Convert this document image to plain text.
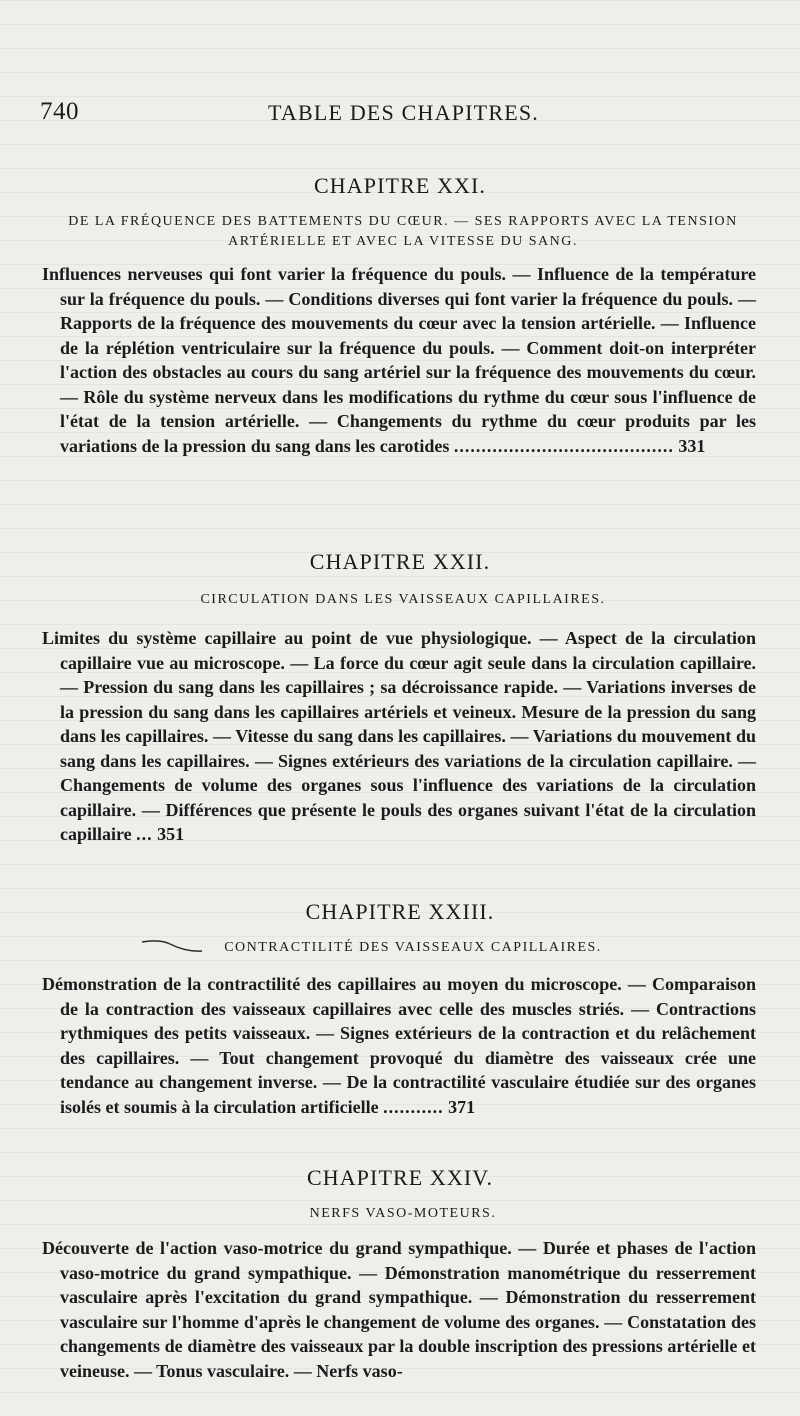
740	TABLE DES CHAPITRES.
CHAPITRE XXI.
DE LA FRÉQUENCE DES BATTEMENTS DU CŒUR. — SES RAPPORTS AVEC LA TENSION ARTÉRIELLE ET AVEC LA VITESSE DU SANG.

Influences nerveuses qui font varier la fréquence du pouls. — Influence de la température sur la fréquence du pouls. — Conditions diverses qui font varier la fréquence du pouls. — Rapports de la fréquence des mouvements du cœur avec la tension artérielle. — Influence de la réplétion ventriculaire sur la fréquence du pouls. — Comment doit-on interpréter l'action des obstacles au cours du sang artériel sur la fréquence des mouvements du cœur. — Rôle du système nerveux dans les modifications du rythme du cœur sous l'influence de l'état de la tension artérielle. — Changements du rythme du cœur produits par les variations de la pression du sang dans les carotides ........................................ 331

CHAPITRE XXII.
CIRCULATION DANS LES VAISSEAUX CAPILLAIRES.

Limites du système capillaire au point de vue physiologique. — Aspect de la circulation capillaire vue au microscope. — La force du cœur agit seule dans la circulation capillaire. — Pression du sang dans les capillaires ; sa décroissance rapide. — Variations inverses de la pression du sang dans les capillaires artériels et veineux. Mesure de la pression du sang dans les capillaires. — Vitesse du sang dans les capillaires. — Variations du mouvement du sang dans les capillaires. — Signes extérieurs des variations de la circulation capillaire. — Changements de volume des organes sous l'influence des variations de la circulation capillaire. — Différences que présente le pouls des organes suivant l'état de la circulation capillaire ... 351

CHAPITRE XXIII.
CONTRACTILITÉ DES VAISSEAUX CAPILLAIRES.

Démonstration de la contractilité des capillaires au moyen du microscope. — Comparaison de la contraction des vaisseaux capillaires avec celle des muscles striés. — Contractions rythmiques des petits vaisseaux. — Signes extérieurs de la contraction et du relâchement des capillaires. — Tout changement provoqué du diamètre des vaisseaux crée une tendance au changement inverse. — De la contractilité vasculaire étudiée sur des organes isolés et soumis à la circulation artificielle ........... 371

CHAPITRE XXIV.
NERFS VASO-MOTEURS.

Découverte de l'action vaso-motrice du grand sympathique. — Durée et phases de l'action vaso-motrice du grand sympathique. — Démonstration manométrique du resserrement vasculaire après l'excitation du grand sympathique. — Démonstration du resserrement vasculaire sur l'homme d'après le changement de volume des organes. — Constatation des changements de diamètre des vaisseaux par la double inscription des pressions artérielle et veineuse. — Tonus vasculaire. — Nerfs vaso-
